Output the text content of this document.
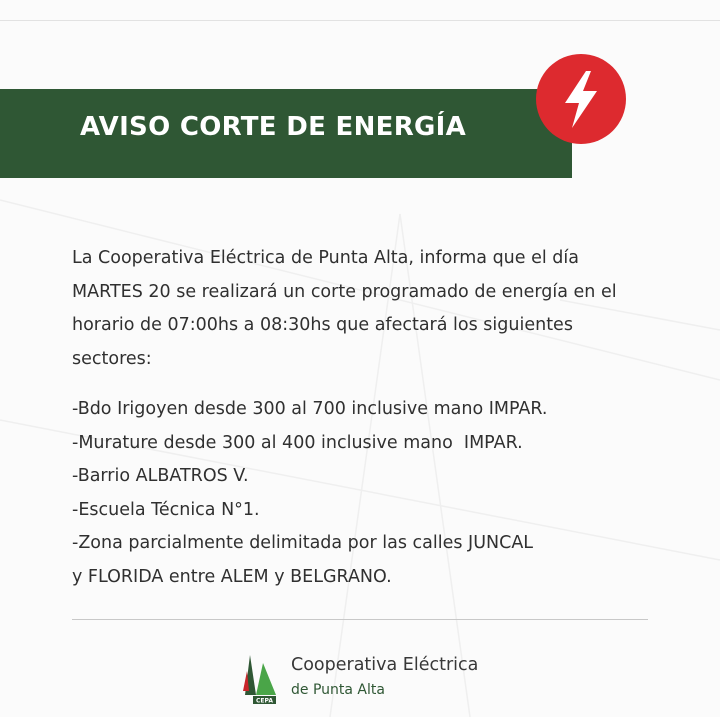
AVISO CORTE DE ENERGÍA

La Cooperativa Eléctrica de Punta Alta, informa que el día

MARTES 20 se realizará un corte programado de energía en el

horario de 07:00hs a 08:30hs que afectará los siguientes

sectores:

-Bdo Irigoyen desde 300 al 700 inclusive mano IMPAR.
-Murature desde 300 al 400 inclusive mano  IMPAR.
-Barrio ALBATROS V.
-Escuela Técnica N°1.
-Zona parcialmente delimitada por las calles JUNCAL
y FLORIDA entre ALEM y BELGRANO.
CEPA
Cooperativa Eléctrica
de Punta Alta
